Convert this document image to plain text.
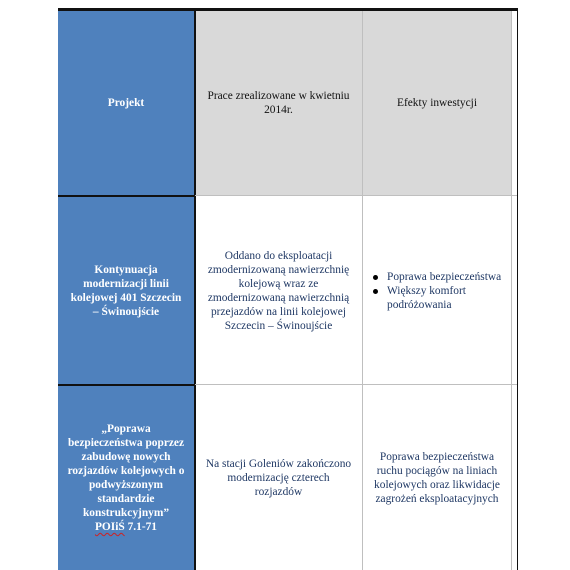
Projekt
Prace zrealizowane w kwietniu 2014r.
Efekty inwestycji
Kontynuacja modernizacji linii kolejowej 401 Szczecin – Świnoujście
Oddano do eksploatacji zmodernizowaną nawierzchnię kolejową wraz ze zmodernizowaną nawierzchnią przejazdów na linii kolejowej Szczecin – Świnoujście
Poprawa bezpieczeństwa
Większy komfort podróżowania
„Poprawa bezpieczeństwa poprzez zabudowę nowych rozjazdów kolejowych o podwyższonym standardzie konstrukcyjnym”
POIiŚ 7.1-71
Na stacji Goleniów zakończono modernizację czterech rozjazdów
Poprawa bezpieczeństwa ruchu pociągów na liniach kolejowych oraz likwidacje zagrożeń eksploatacyjnych
